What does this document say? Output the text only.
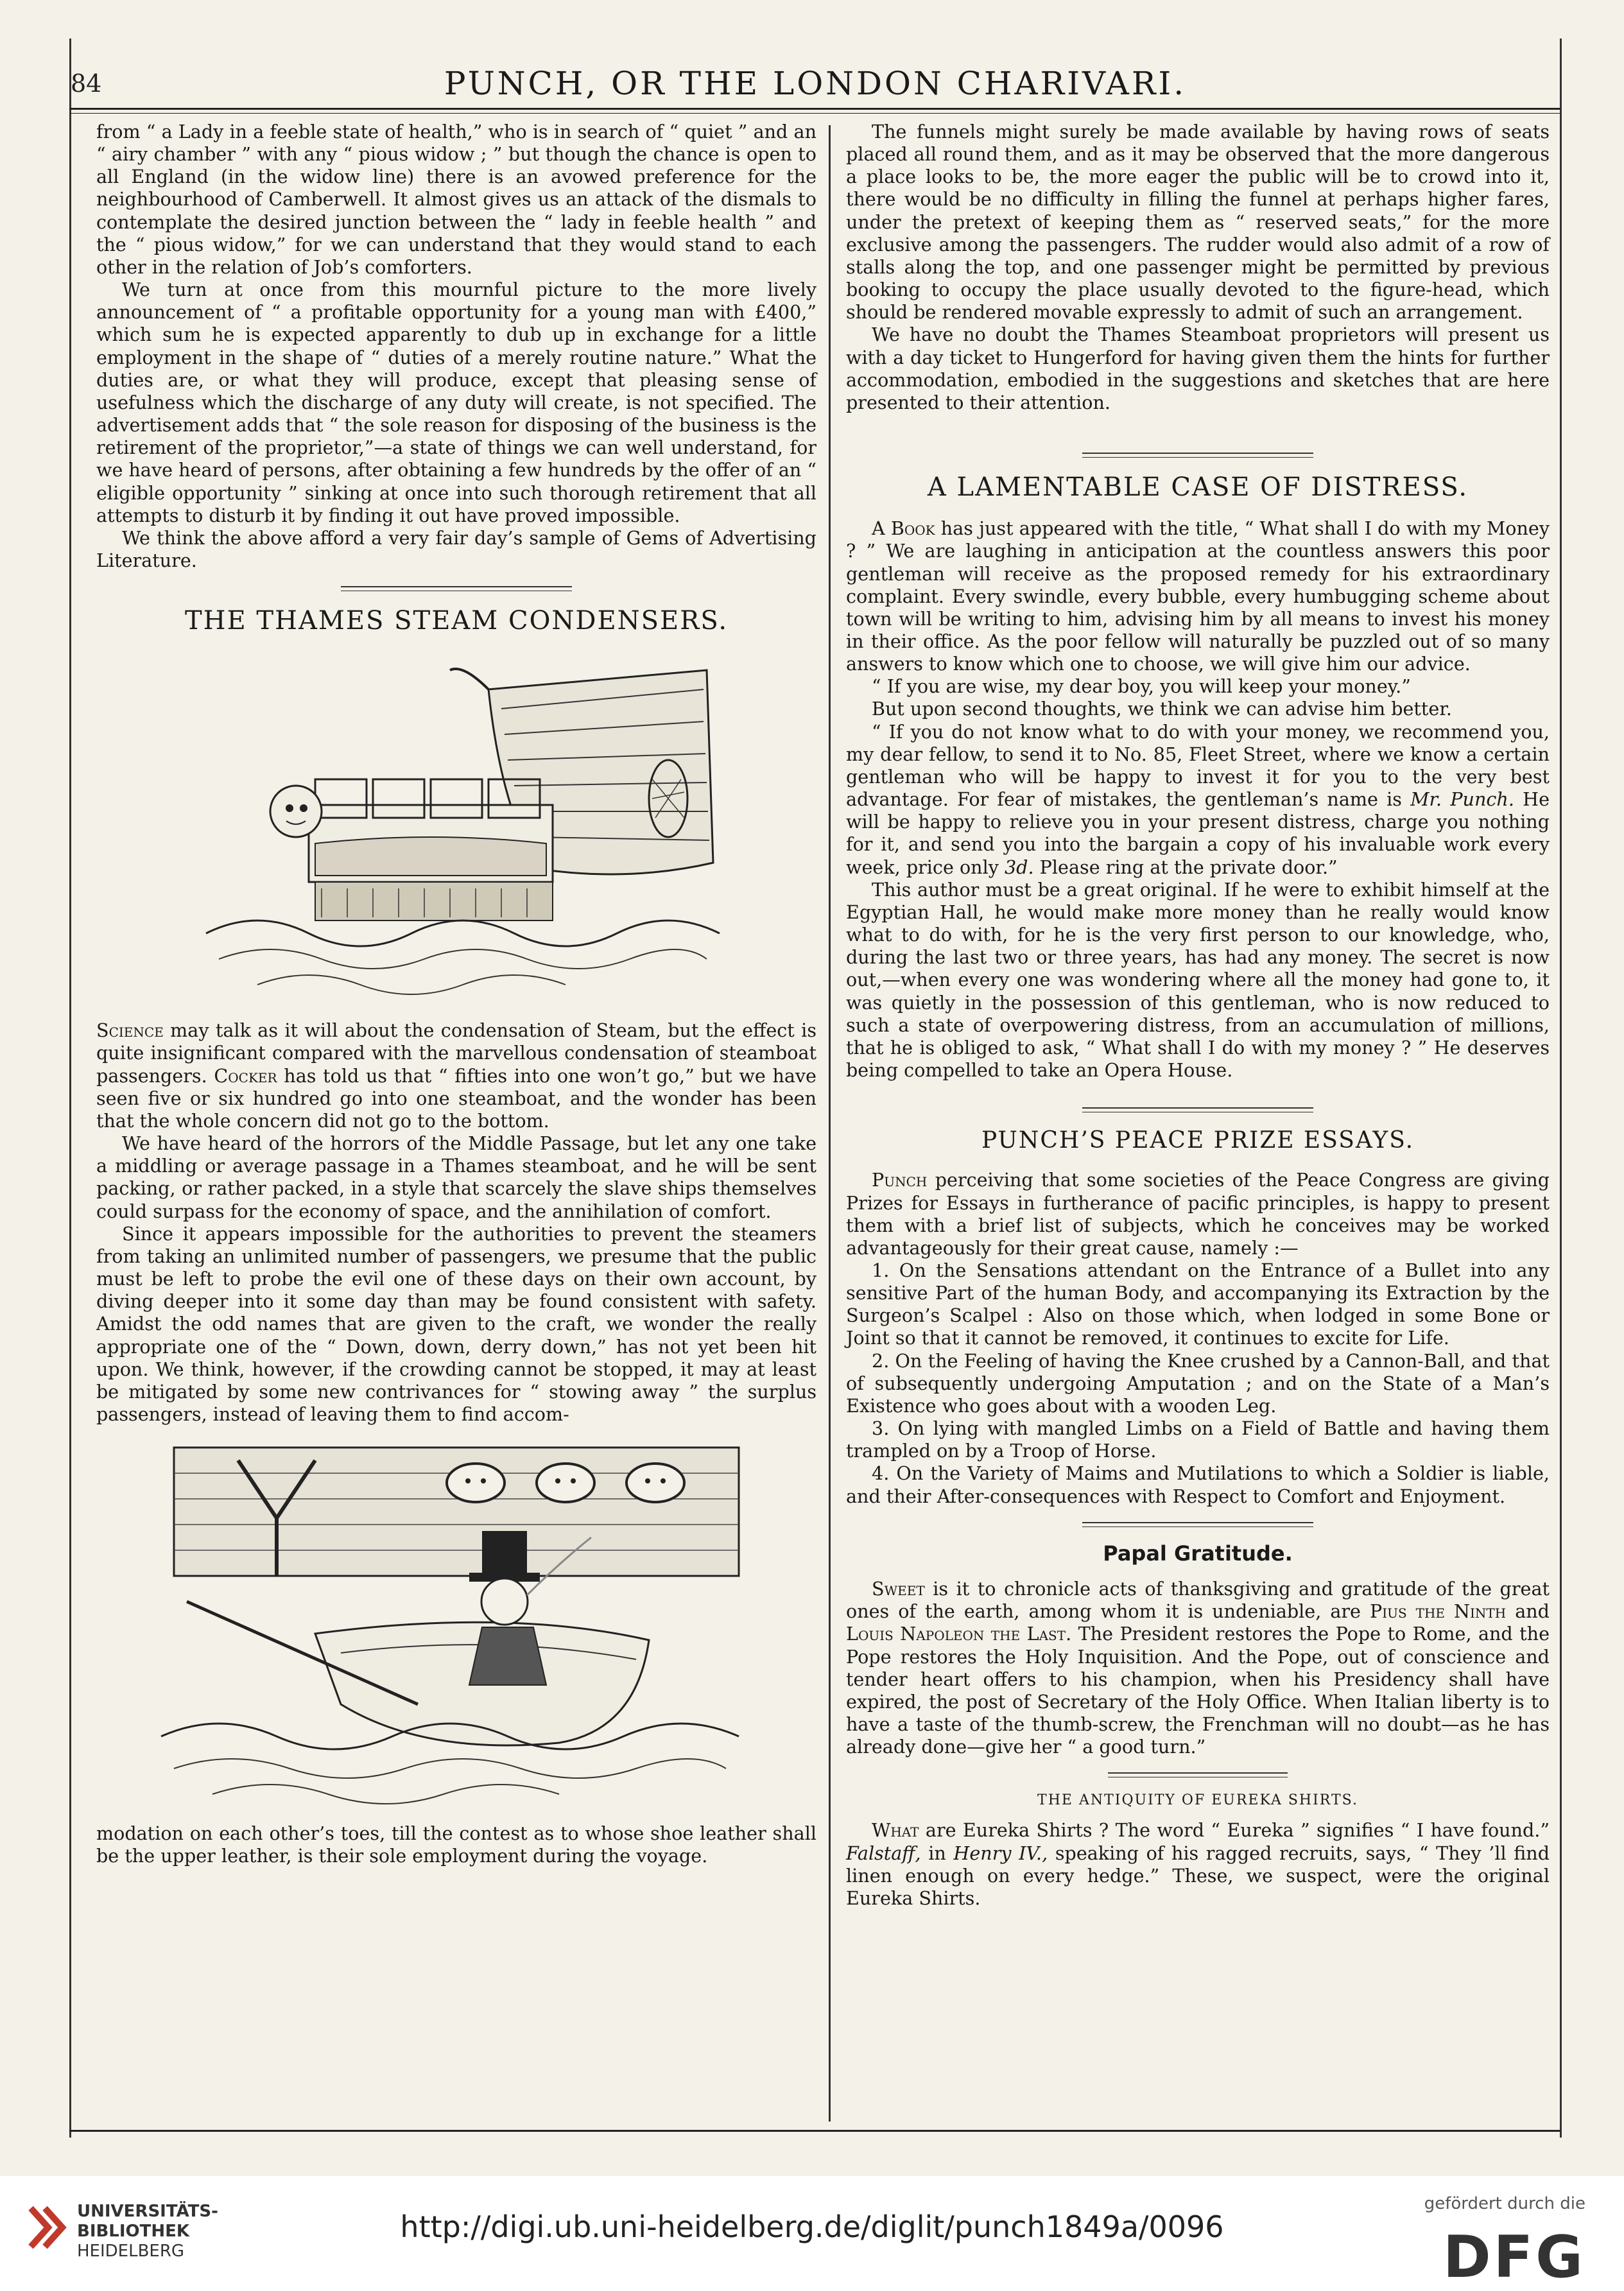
84	PUNCH, OR THE LONDON CHARIVARI.

from “ a Lady in a feeble state of health,” who is in search of “ quiet ” and an “ airy chamber ” with any “ pious widow ; ” but though the chance is open to all England (in the widow line) there is an avowed preference for the neighbourhood of Camberwell. It almost gives us an attack of the dismals to contemplate the desired junction between the “ lady in feeble health ” and the “ pious widow,” for we can understand that they would stand to each other in the relation of Job’s comforters.

We turn at once from this mournful picture to the more lively announcement of “ a profitable opportunity for a young man with £400,” which sum he is expected apparently to dub up in exchange for a little employment in the shape of “ duties of a merely routine nature.” What the duties are, or what they will produce, except that pleasing sense of usefulness which the discharge of any duty will create, is not specified. The advertisement adds that “ the sole reason for disposing of the business is the retirement of the proprietor,”—a state of things we can well understand, for we have heard of persons, after obtaining a few hundreds by the offer of an “ eligible opportunity ” sinking at once into such thorough retirement that all attempts to disturb it by finding it out have proved impossible.

We think the above afford a very fair day’s sample of Gems of Advertising Literature.

THE THAMES STEAM CONDENSERS.

Science may talk as it will about the condensation of Steam, but the effect is quite insignificant compared with the marvellous condensation of steamboat passengers. Cocker has told us that “ fifties into one won’t go,” but we have seen five or six hundred go into one steamboat, and the wonder has been that the whole concern did not go to the bottom.

We have heard of the horrors of the Middle Passage, but let any one take a middling or average passage in a Thames steamboat, and he will be sent packing, or rather packed, in a style that scarcely the slave ships themselves could surpass for the economy of space, and the annihilation of comfort.

Since it appears impossible for the authorities to prevent the steamers from taking an unlimited number of passengers, we presume that the public must be left to probe the evil one of these days on their own account, by diving deeper into it some day than may be found consistent with safety. Amidst the odd names that are given to the craft, we wonder the really appropriate one of the “ Down, down, derry down,” has not yet been hit upon. We think, however, if the crowding cannot be stopped, it may at least be mitigated by some new contrivances for “ stowing away ” the surplus passengers, instead of leaving them to find accom-

modation on each other’s toes, till the contest as to whose shoe leather shall be the upper leather, is their sole employment during the voyage.

The funnels might surely be made available by having rows of seats placed all round them, and as it may be observed that the more dangerous a place looks to be, the more eager the public will be to crowd into it, there would be no difficulty in filling the funnel at perhaps higher fares, under the pretext of keeping them as “ reserved seats,” for the more exclusive among the passengers. The rudder would also admit of a row of stalls along the top, and one passenger might be permitted by previous booking to occupy the place usually devoted to the figure-head, which should be rendered movable expressly to admit of such an arrangement.

We have no doubt the Thames Steamboat proprietors will present us with a day ticket to Hungerford for having given them the hints for further accommodation, embodied in the suggestions and sketches that are here presented to their attention.

A LAMENTABLE CASE OF DISTRESS.

A Book has just appeared with the title, “ What shall I do with my Money ? ” We are laughing in anticipation at the countless answers this poor gentleman will receive as the proposed remedy for his extraordinary complaint. Every swindle, every bubble, every humbugging scheme about town will be writing to him, advising him by all means to invest his money in their office. As the poor fellow will naturally be puzzled out of so many answers to know which one to choose, we will give him our advice.

“ If you are wise, my dear boy, you will keep your money.”

But upon second thoughts, we think we can advise him better.

“ If you do not know what to do with your money, we recommend you, my dear fellow, to send it to No. 85, Fleet Street, where we know a certain gentleman who will be happy to invest it for you to the very best advantage. For fear of mistakes, the gentleman’s name is Mr. Punch. He will be happy to relieve you in your present distress, charge you nothing for it, and send you into the bargain a copy of his invaluable work every week, price only 3d. Please ring at the private door.”

This author must be a great original. If he were to exhibit himself at the Egyptian Hall, he would make more money than he really would know what to do with, for he is the very first person to our knowledge, who, during the last two or three years, has had any money. The secret is now out,—when every one was wondering where all the money had gone to, it was quietly in the possession of this gentleman, who is now reduced to such a state of overpowering distress, from an accumulation of millions, that he is obliged to ask, “ What shall I do with my money ? ” He deserves being compelled to take an Opera House.

PUNCH’S PEACE PRIZE ESSAYS.

Punch perceiving that some societies of the Peace Congress are giving Prizes for Essays in furtherance of pacific principles, is happy to present them with a brief list of subjects, which he conceives may be worked advantageously for their great cause, namely :—

1. On the Sensations attendant on the Entrance of a Bullet into any sensitive Part of the human Body, and accompanying its Extraction by the Surgeon’s Scalpel : Also on those which, when lodged in some Bone or Joint so that it cannot be removed, it continues to excite for Life.

2. On the Feeling of having the Knee crushed by a Cannon-Ball, and that of subsequently undergoing Amputation ; and on the State of a Man’s Existence who goes about with a wooden Leg.

3. On lying with mangled Limbs on a Field of Battle and having them trampled on by a Troop of Horse.

4. On the Variety of Maims and Mutilations to which a Soldier is liable, and their After-consequences with Respect to Comfort and Enjoyment.

Papal Gratitude.

Sweet is it to chronicle acts of thanksgiving and gratitude of the great ones of the earth, among whom it is undeniable, are Pius the Ninth and Louis Napoleon the Last. The President restores the Pope to Rome, and the Pope restores the Holy Inquisition. And the Pope, out of conscience and tender heart offers to his champion, when his Presidency shall have expired, the post of Secretary of the Holy Office. When Italian liberty is to have a taste of the thumb-screw, the Frenchman will no doubt—as he has already done—give her “ a good turn.”

THE ANTIQUITY OF EUREKA SHIRTS.

What are Eureka Shirts ? The word “ Eureka ” signifies “ I have found.” Falstaff, in Henry IV., speaking of his ragged recruits, says, “ They ’ll find linen enough on every hedge.” These, we suspect, were the original Eureka Shirts.

UNIVERSITÄTS-
BIBLIOTHEK
HEIDELBERG
http://digi.ub.uni-heidelberg.de/diglit/punch1849a/0096
gefördert durch die
DFG
